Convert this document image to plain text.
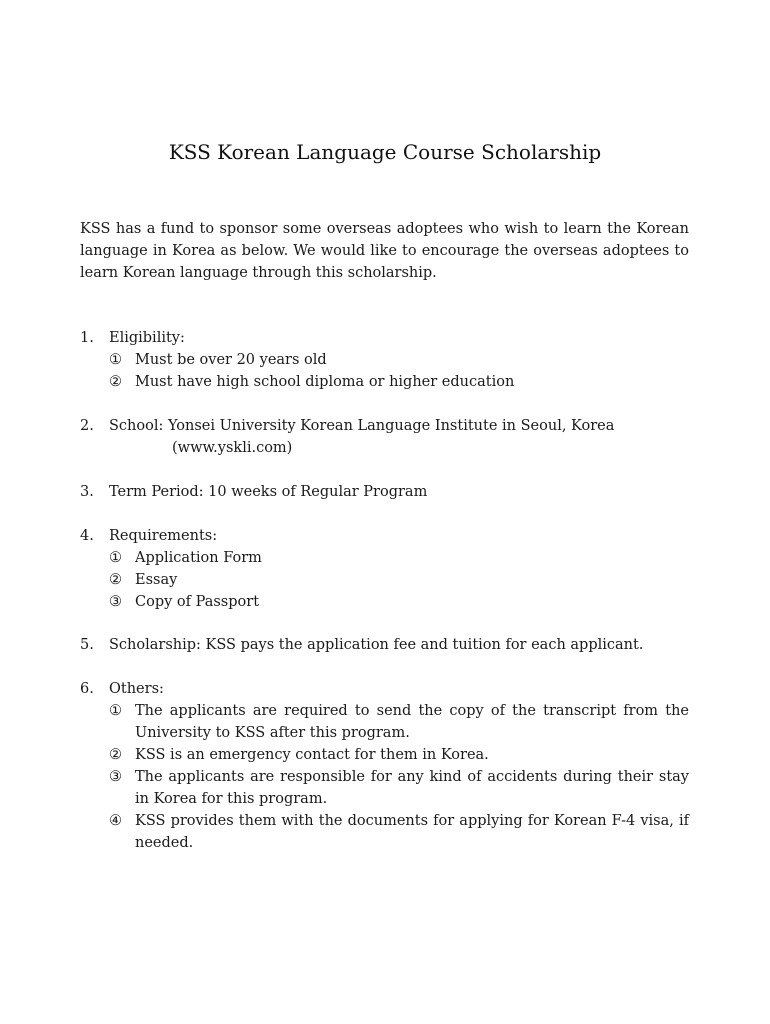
KSS Korean Language Course Scholarship
KSS has a fund to sponsor some overseas adoptees who wish to learn the Korean language in Korea as below. We would like to encourage the overseas adoptees to learn Korean language through this scholarship.
1.	Eligibility:
① Must be over 20 years old
② Must have high school diploma or higher education
2.	School: Yonsei University Korean Language Institute in Seoul, Korea
(www.yskli.com)
3.	Term Period: 10 weeks of Regular Program
4.	Requirements:
① Application Form
② Essay
③ Copy of Passport
5.	Scholarship: KSS pays the application fee and tuition for each applicant.
6.	Others:
① The applicants are required to send the copy of the transcript from the University to KSS after this program.
② KSS is an emergency contact for them in Korea.
③ The applicants are responsible for any kind of accidents during their stay in Korea for this program.
④ KSS provides them with the documents for applying for Korean F-4 visa, if needed.
